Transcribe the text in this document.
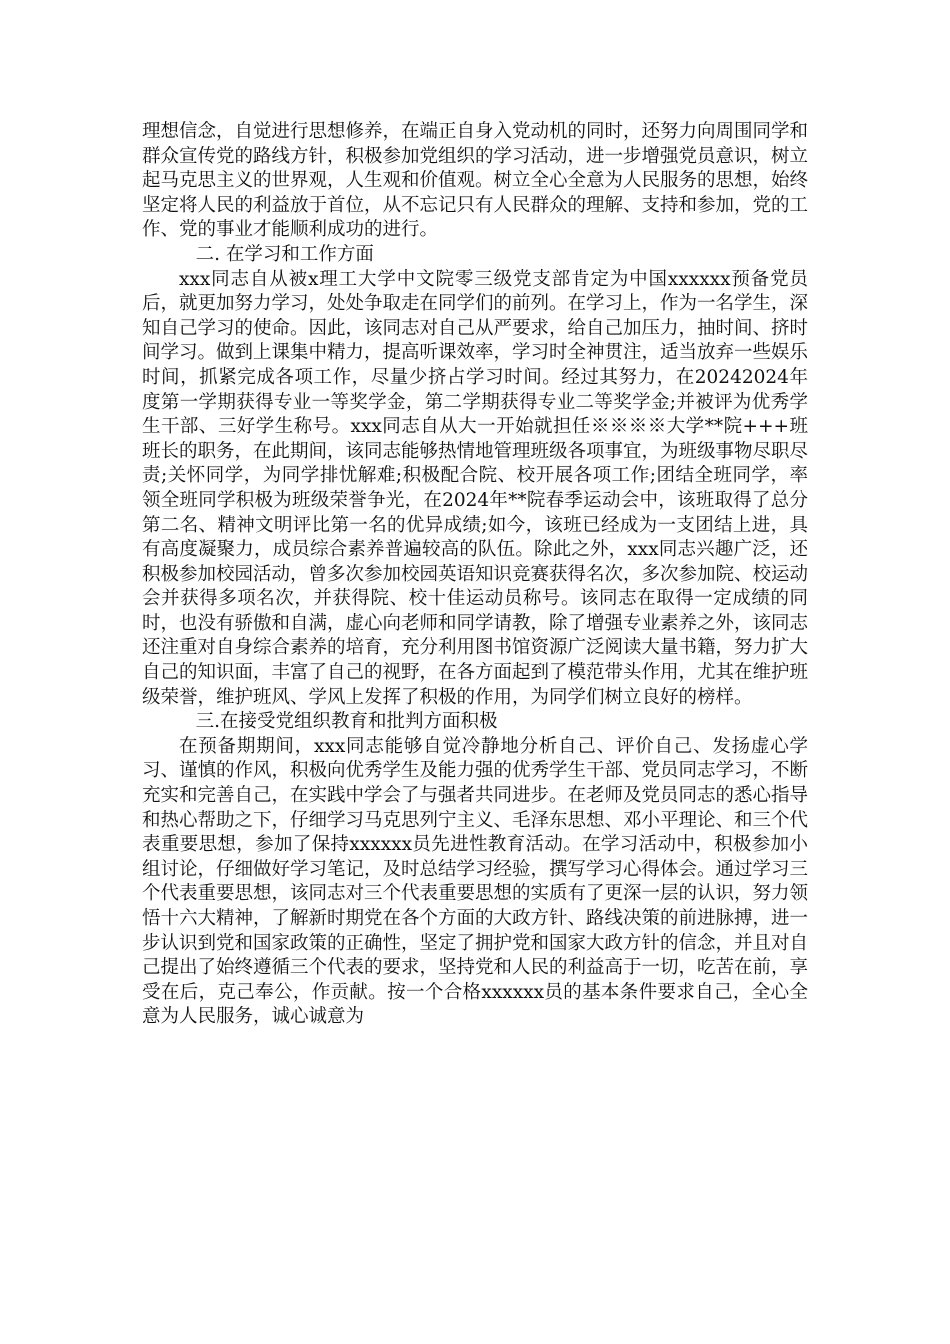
理想信念，自觉进行思想修养，在端正自身入党动机的同时，还努力向周围同学和群众宣传党的路线方针，积极参加党组织的学习活动，进一步增强党员意识，树立起马克思主义的世界观，人生观和价值观。树立全心全意为人民服务的思想，始终坚定将人民的利益放于首位，从不忘记只有人民群众的理解、支持和参加，党的工作、党的事业才能顺利成功的进行。

二. 在学习和工作方面

xxx同志自从被x理工大学中文院零三级党支部肯定为中国xxxxxx预备党员后，就更加努力学习，处处争取走在同学们的前列。在学习上，作为一名学生，深知自己学习的使命。因此，该同志对自己从严要求，给自己加压力，抽时间、挤时间学习。做到上课集中精力，提高听课效率，学习时全神贯注，适当放弃一些娱乐时间，抓紧完成各项工作，尽量少挤占学习时间。经过其努力，在20242024年度第一学期获得专业一等奖学金，第二学期获得专业二等奖学金;并被评为优秀学生干部、三好学生称号。xxx同志自从大一开始就担任※※※※大学**院+++班班长的职务，在此期间，该同志能够热情地管理班级各项事宜，为班级事物尽职尽责;关怀同学，为同学排忧解难;积极配合院、校开展各项工作;团结全班同学，率领全班同学积极为班级荣誉争光，在2024年**院春季运动会中，该班取得了总分第二名、精神文明评比第一名的优异成绩;如今，该班已经成为一支团结上进，具有高度凝聚力，成员综合素养普遍较高的队伍。除此之外，xxx同志兴趣广泛，还积极参加校园活动，曾多次参加校园英语知识竞赛获得名次，多次参加院、校运动会并获得多项名次，并获得院、校十佳运动员称号。该同志在取得一定成绩的同时，也没有骄傲和自满，虚心向老师和同学请教，除了增强专业素养之外，该同志还注重对自身综合素养的培育，充分利用图书馆资源广泛阅读大量书籍，努力扩大自己的知识面，丰富了自己的视野，在各方面起到了模范带头作用，尤其在维护班级荣誉，维护班风、学风上发挥了积极的作用，为同学们树立良好的榜样。

三.在接受党组织教育和批判方面积极

在预备期期间，xxx同志能够自觉冷静地分析自己、评价自己、发扬虚心学习、谨慎的作风，积极向优秀学生及能力强的优秀学生干部、党员同志学习，不断充实和完善自己，在实践中学会了与强者共同进步。在老师及党员同志的悉心指导和热心帮助之下，仔细学习马克思列宁主义、毛泽东思想、邓小平理论、和三个代表重要思想，参加了保持xxxxxx员先进性教育活动。在学习活动中，积极参加小组讨论，仔细做好学习笔记，及时总结学习经验，撰写学习心得体会。通过学习三个代表重要思想，该同志对三个代表重要思想的实质有了更深一层的认识，努力领悟十六大精神，了解新时期党在各个方面的大政方针、路线决策的前进脉搏，进一步认识到党和国家政策的正确性，坚定了拥护党和国家大政方针的信念，并且对自己提出了始终遵循三个代表的要求，坚持党和人民的利益高于一切，吃苦在前，享受在后，克己奉公，作贡献。按一个合格xxxxxx员的基本条件要求自己，全心全意为人民服务，诚心诚意为
